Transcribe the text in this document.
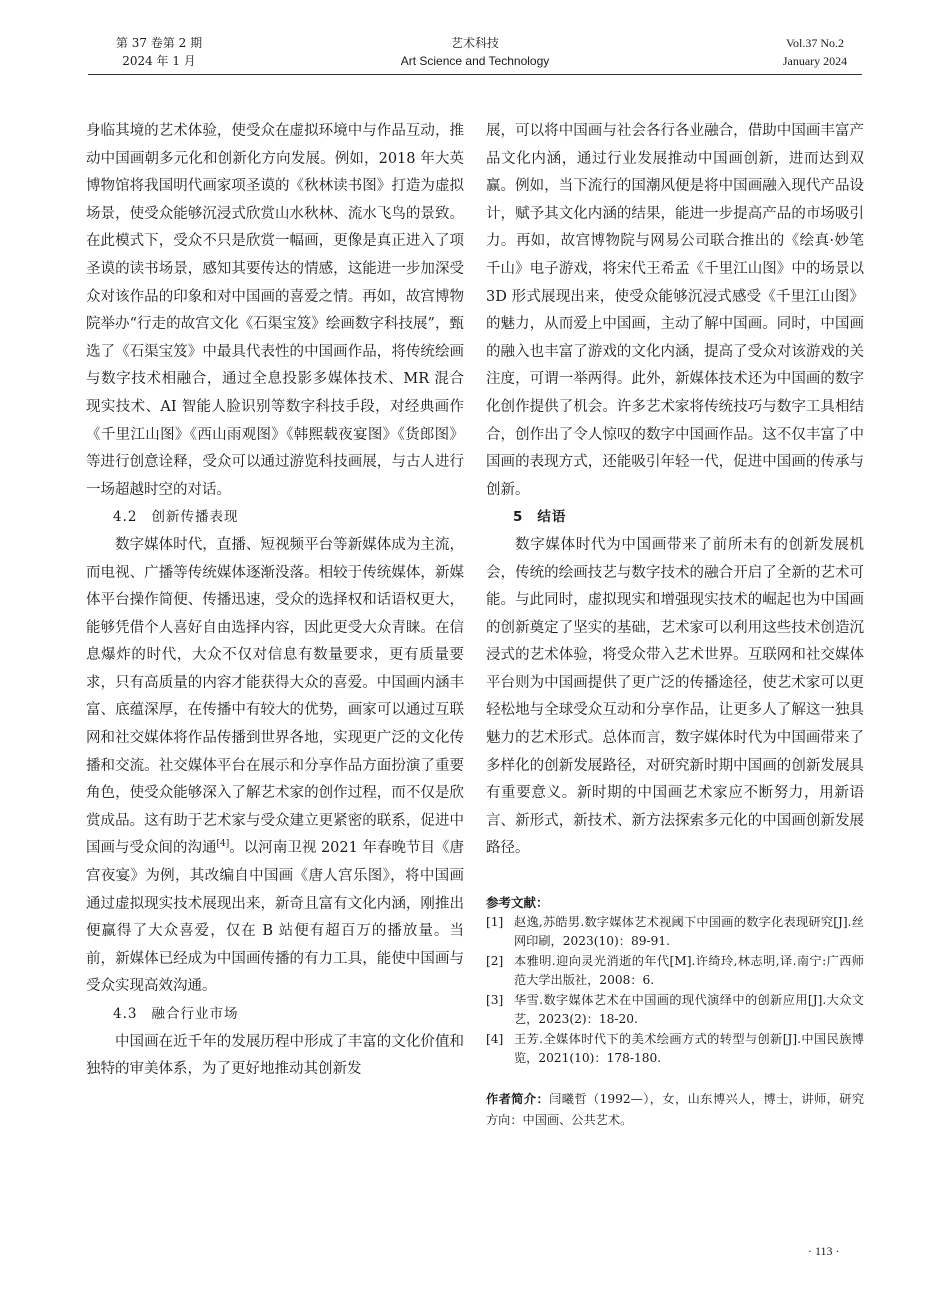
第 37 卷第 2 期
2024 年 1 月
艺术科技
Art Science and Technology
Vol.37 No.2
January 2024

身临其境的艺术体验，使受众在虚拟环境中与作品互动，推动中国画朝多元化和创新化方向发展。例如，2018 年大英博物馆将我国明代画家项圣谟的《秋林读书图》打造为虚拟场景，使受众能够沉浸式欣赏山水秋林、流水飞鸟的景致。在此模式下，受众不只是欣赏一幅画，更像是真正进入了项圣谟的读书场景，感知其要传达的情感，这能进一步加深受众对该作品的印象和对中国画的喜爱之情。再如，故宫博物院举办“行走的故宫文化《石渠宝笈》绘画数字科技展”，甄选了《石渠宝笈》中最具代表性的中国画作品，将传统绘画与数字技术相融合，通过全息投影多媒体技术、MR 混合现实技术、AI 智能人脸识别等数字科技手段，对经典画作《千里江山图》《西山雨观图》《韩熙载夜宴图》《货郎图》等进行创意诠释，受众可以通过游览科技画展，与古人进行一场超越时空的对话。

4.2 创新传播表现

数字媒体时代，直播、短视频平台等新媒体成为主流，而电视、广播等传统媒体逐渐没落。相较于传统媒体，新媒体平台操作简便、传播迅速，受众的选择权和话语权更大，能够凭借个人喜好自由选择内容，因此更受大众青睐。在信息爆炸的时代，大众不仅对信息有数量要求，更有质量要求，只有高质量的内容才能获得大众的喜爱。中国画内涵丰富、底蕴深厚，在传播中有较大的优势，画家可以通过互联网和社交媒体将作品传播到世界各地，实现更广泛的文化传播和交流。社交媒体平台在展示和分享作品方面扮演了重要角色，使受众能够深入了解艺术家的创作过程，而不仅是欣赏成品。这有助于艺术家与受众建立更紧密的联系，促进中国画与受众间的沟通[4]。以河南卫视 2021 年春晚节目《唐宫夜宴》为例，其改编自中国画《唐人宫乐图》，将中国画通过虚拟现实技术展现出来，新奇且富有文化内涵，刚推出便赢得了大众喜爱，仅在 B 站便有超百万的播放量。当前，新媒体已经成为中国画传播的有力工具，能使中国画与受众实现高效沟通。

4.3 融合行业市场

中国画在近千年的发展历程中形成了丰富的文化价值和独特的审美体系，为了更好地推动其创新发

展，可以将中国画与社会各行各业融合，借助中国画丰富产品文化内涵，通过行业发展推动中国画创新，进而达到双赢。例如，当下流行的国潮风便是将中国画融入现代产品设计，赋予其文化内涵的结果，能进一步提高产品的市场吸引力。再如，故宫博物院与网易公司联合推出的《绘真·妙笔千山》电子游戏，将宋代王希孟《千里江山图》中的场景以 3D 形式展现出来，使受众能够沉浸式感受《千里江山图》的魅力，从而爱上中国画，主动了解中国画。同时，中国画的融入也丰富了游戏的文化内涵，提高了受众对该游戏的关注度，可谓一举两得。此外，新媒体技术还为中国画的数字化创作提供了机会。许多艺术家将传统技巧与数字工具相结合，创作出了令人惊叹的数字中国画作品。这不仅丰富了中国画的表现方式，还能吸引年轻一代，促进中国画的传承与创新。

5 结语

数字媒体时代为中国画带来了前所未有的创新发展机会，传统的绘画技艺与数字技术的融合开启了全新的艺术可能。与此同时，虚拟现实和增强现实技术的崛起也为中国画的创新奠定了坚实的基础，艺术家可以利用这些技术创造沉浸式的艺术体验，将受众带入艺术世界。互联网和社交媒体平台则为中国画提供了更广泛的传播途径，使艺术家可以更轻松地与全球受众互动和分享作品，让更多人了解这一独具魅力的艺术形式。总体而言，数字媒体时代为中国画带来了多样化的创新发展路径，对研究新时期中国画的创新发展具有重要意义。新时期的中国画艺术家应不断努力，用新语言、新形式，新技术、新方法探索多元化的中国画创新发展路径。

参考文献：
[1] 赵逸,苏皓男.数字媒体艺术视阈下中国画的数字化表现研究[J].丝网印刷，2023(10)：89-91.
[2] 本雅明.迎向灵光消逝的年代[M].许绮玲,林志明,译.南宁:广西师范大学出版社，2008：6.
[3] 华雪.数字媒体艺术在中国画的现代演绎中的创新应用[J].大众文艺，2023(2)：18-20.
[4] 王芳.全媒体时代下的美术绘画方式的转型与创新[J].中国民族博览，2021(10)：178-180.
作者简介：闫曦哲（1992—），女，山东博兴人，博士，讲师，研究方向：中国画、公共艺术。
· 113 ·
